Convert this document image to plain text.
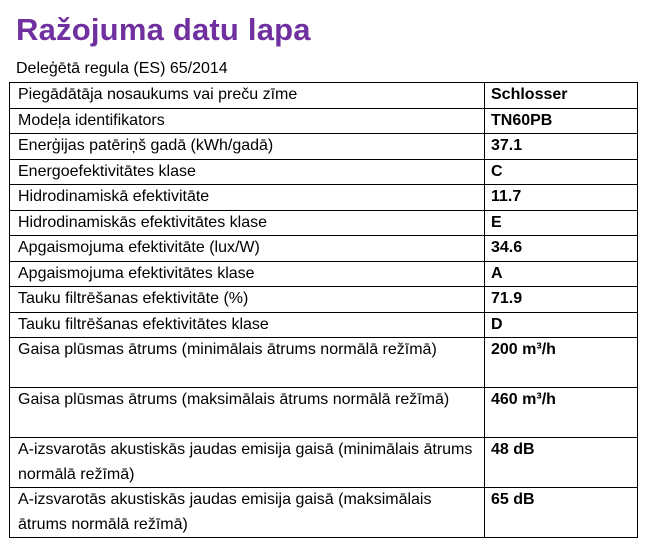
Ražojuma datu lapa
Deleģētā regula (ES) 65/2014
Piegādātāja nosaukums vai preču zīme	Schlosser
Modeļa identifikators	TN60PB
Enerģijas patēriņš gadā (kWh/gadā)	37.1
Energoefektivitātes klase	C
Hidrodinamiskā efektivitāte	11.7
Hidrodinamiskās efektivitātes klase	E
Apgaismojuma efektivitāte (lux/W)	34.6
Apgaismojuma efektivitātes klase	A
Tauku filtrēšanas efektivitāte (%)	71.9
Tauku filtrēšanas efektivitātes klase	D
Gaisa plūsmas ātrums (minimālais ātrums normālā režīmā)	200 m³/h
Gaisa plūsmas ātrums (maksimālais ātrums normālā režīmā)	460 m³/h
A-izsvarotās akustiskās jaudas emisija gaisā (minimālais ātrums normālā režīmā)	48 dB
A-izsvarotās akustiskās jaudas emisija gaisā (maksimālais ātrums normālā režīmā)	65 dB
